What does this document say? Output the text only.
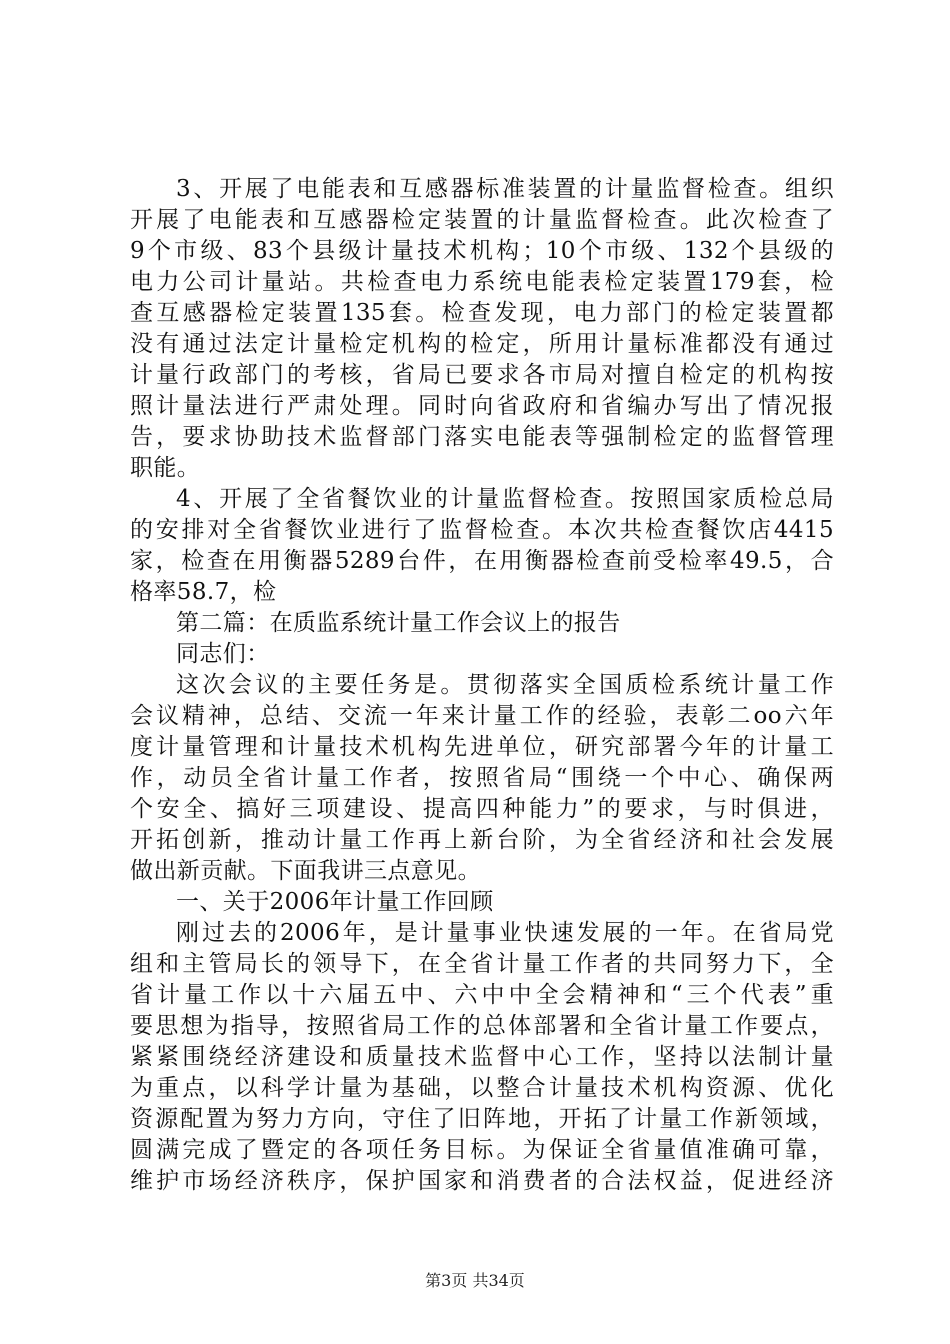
3、开展了电能表和互感器标准装置的计量监督检查。组织
开展了电能表和互感器检定装置的计量监督检查。此次检查了
9个市级、83个县级计量技术机构；10个市级、132个县级的
电力公司计量站。共检查电力系统电能表检定装置179套，检
查互感器检定装置135套。检查发现，电力部门的检定装置都
没有通过法定计量检定机构的检定，所用计量标准都没有通过
计量行政部门的考核，省局已要求各市局对擅自检定的机构按
照计量法进行严肃处理。同时向省政府和省编办写出了情况报
告，要求协助技术监督部门落实电能表等强制检定的监督管理
职能。
4、开展了全省餐饮业的计量监督检查。按照国家质检总局
的安排对全省餐饮业进行了监督检查。本次共检查餐饮店4415
家，检查在用衡器5289台件，在用衡器检查前受检率49.5，合
格率58.7，检
第二篇：在质监系统计量工作会议上的报告
同志们：
这次会议的主要任务是。贯彻落实全国质检系统计量工作
会议精神，总结、交流一年来计量工作的经验，表彰二oo六年
度计量管理和计量技术机构先进单位，研究部署今年的计量工
作，动员全省计量工作者，按照省局“围绕一个中心、确保两
个安全、搞好三项建设、提高四种能力”的要求，与时俱进，
开拓创新，推动计量工作再上新台阶，为全省经济和社会发展
做出新贡献。下面我讲三点意见。
一、关于2006年计量工作回顾
刚过去的2006年，是计量事业快速发展的一年。在省局党
组和主管局长的领导下，在全省计量工作者的共同努力下，全
省计量工作以十六届五中、六中中全会精神和“三个代表”重
要思想为指导，按照省局工作的总体部署和全省计量工作要点，
紧紧围绕经济建设和质量技术监督中心工作，坚持以法制计量
为重点，以科学计量为基础，以整合计量技术机构资源、优化
资源配置为努力方向，守住了旧阵地，开拓了计量工作新领域，
圆满完成了暨定的各项任务目标。为保证全省量值准确可靠，
维护市场经济秩序，保护国家和消费者的合法权益，促进经济
第3页 共34页
